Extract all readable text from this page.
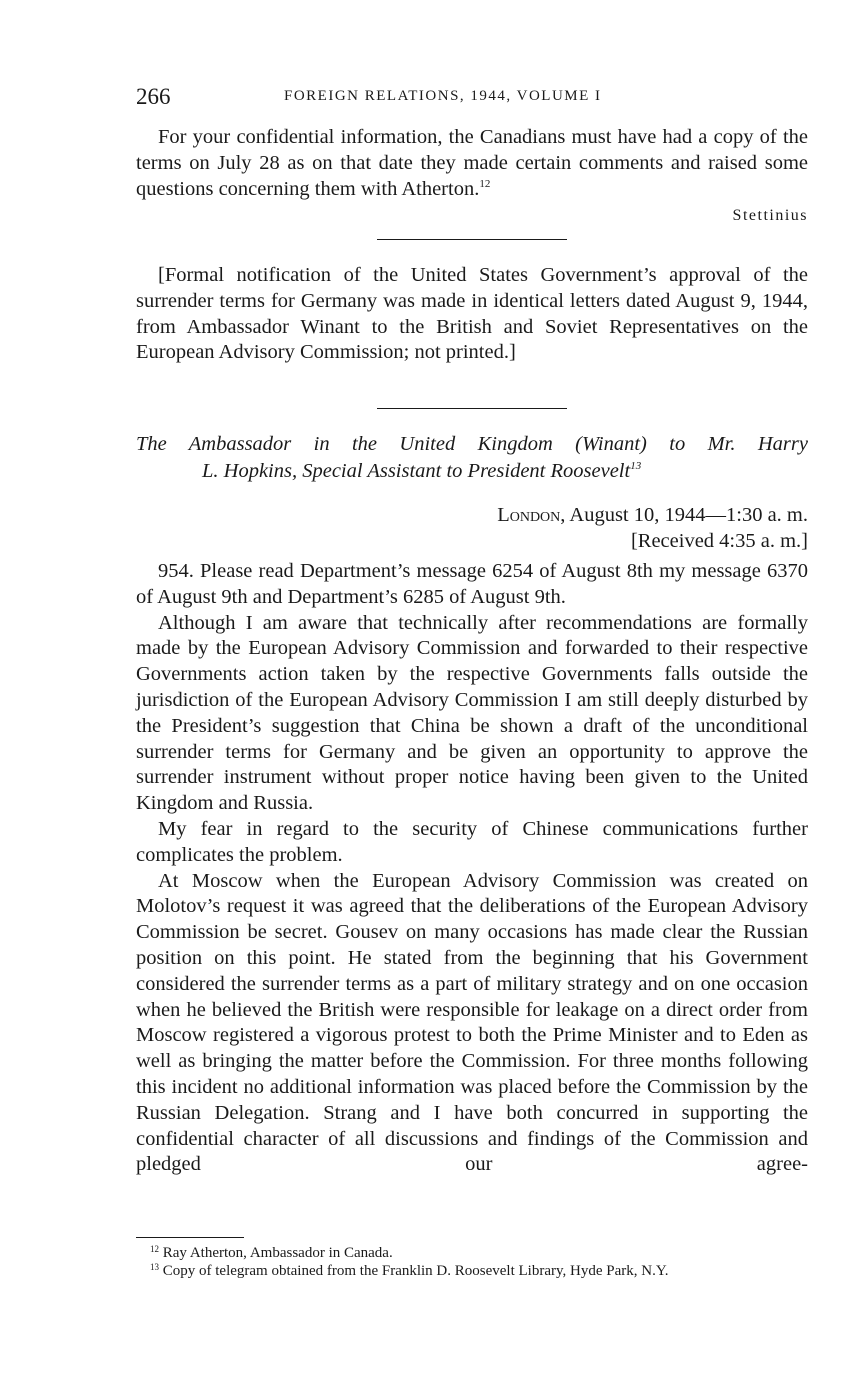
266	FOREIGN RELATIONS, 1944, VOLUME I

For your confidential information, the Canadians must have had a copy of the terms on July 28 as on that date they made certain comments and raised some questions concerning them with Atherton.$^{12}$

Stettinius

[Formal notification of the United States Government’s approval of the surrender terms for Germany was made in identical letters dated August 9, 1944, from Ambassador Winant to the British and Soviet Representatives on the European Advisory Commission; not printed.]

The Ambassador in the United Kingdom (Winant) to Mr. Harry
L. Hopkins, Special Assistant to President Roosevelt$^{13}$
London, August 10, 1944—1:30 a. m.
[Received 4:35 a. m.]

954. Please read Department’s message 6254 of August 8th my message 6370 of August 9th and Department’s 6285 of August 9th.

Although I am aware that technically after recommendations are formally made by the European Advisory Commission and forwarded to their respective Governments action taken by the respective Governments falls outside the jurisdiction of the European Advisory Commission I am still deeply disturbed by the President’s suggestion that China be shown a draft of the unconditional surrender terms for Germany and be given an opportunity to approve the surrender instrument without proper notice having been given to the United Kingdom and Russia.

My fear in regard to the security of Chinese communications further complicates the problem.

At Moscow when the European Advisory Commission was created on Molotov’s request it was agreed that the deliberations of the European Advisory Commission be secret. Gousev on many occasions has made clear the Russian position on this point. He stated from the beginning that his Government considered the surrender terms as a part of military strategy and on one occasion when he believed the British were responsible for leakage on a direct order from Moscow registered a vigorous protest to both the Prime Minister and to Eden as well as bringing the matter before the Commission. For three months following this incident no additional information was placed before the Commission by the Russian Delegation. Strang and I have both concurred in supporting the confidential character of all discussions and findings of the Commission and pledged our agree-

$^{12}$ Ray Atherton, Ambassador in Canada.
$^{13}$ Copy of telegram obtained from the Franklin D. Roosevelt Library, Hyde Park, N.Y.
